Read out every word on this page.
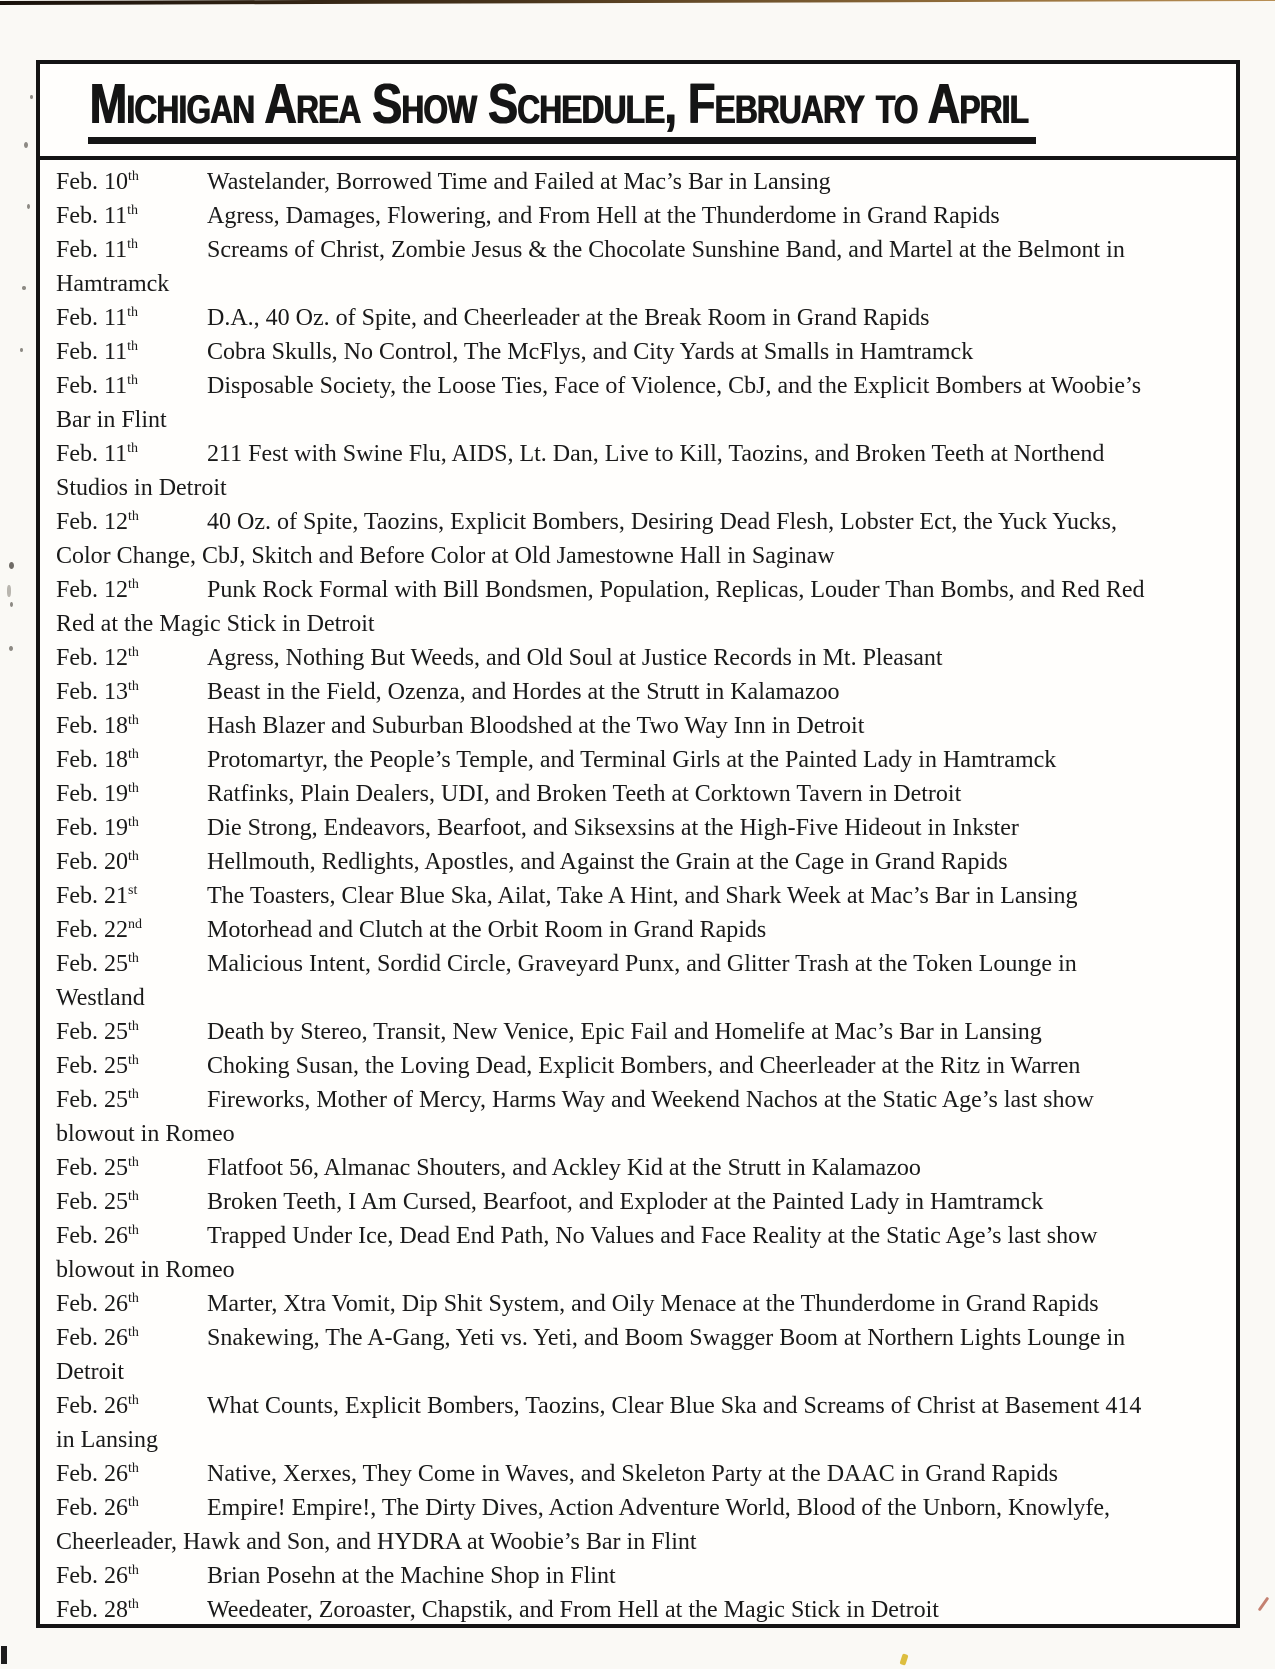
Michigan Area Show Schedule, February to April

Feb. 10th	Wastelander, Borrowed Time and Failed at Mac’s Bar in Lansing

Feb. 11th	Agress, Damages, Flowering, and From Hell at the Thunderdome in Grand Rapids

Feb. 11th	Screams of Christ, Zombie Jesus & the Chocolate Sunshine Band, and Martel at the Belmont in Hamtramck

Feb. 11th	D.A., 40 Oz. of Spite, and Cheerleader at the Break Room in Grand Rapids

Feb. 11th	Cobra Skulls, No Control, The McFlys, and City Yards at Smalls in Hamtramck

Feb. 11th	Disposable Society, the Loose Ties, Face of Violence, CbJ, and the Explicit Bombers at Woobie’s Bar in Flint

Feb. 11th	211 Fest with Swine Flu, AIDS, Lt. Dan, Live to Kill, Taozins, and Broken Teeth at Northend Studios in Detroit

Feb. 12th	40 Oz. of Spite, Taozins, Explicit Bombers, Desiring Dead Flesh, Lobster Ect, the Yuck Yucks, Color Change, CbJ, Skitch and Before Color at Old Jamestowne Hall in Saginaw

Feb. 12th	Punk Rock Formal with Bill Bondsmen, Population, Replicas, Louder Than Bombs, and Red Red Red at the Magic Stick in Detroit

Feb. 12th	Agress, Nothing But Weeds, and Old Soul at Justice Records in Mt. Pleasant

Feb. 13th	Beast in the Field, Ozenza, and Hordes at the Strutt in Kalamazoo

Feb. 18th	Hash Blazer and Suburban Bloodshed at the Two Way Inn in Detroit

Feb. 18th	Protomartyr, the People’s Temple, and Terminal Girls at the Painted Lady in Hamtramck

Feb. 19th	Ratfinks, Plain Dealers, UDI, and Broken Teeth at Corktown Tavern in Detroit

Feb. 19th	Die Strong, Endeavors, Bearfoot, and Siksexsins at the High-Five Hideout in Inkster

Feb. 20th	Hellmouth, Redlights, Apostles, and Against the Grain at the Cage in Grand Rapids

Feb. 21st	The Toasters, Clear Blue Ska, Ailat, Take A Hint, and Shark Week at Mac’s Bar in Lansing

Feb. 22nd	Motorhead and Clutch at the Orbit Room in Grand Rapids

Feb. 25th	Malicious Intent, Sordid Circle, Graveyard Punx, and Glitter Trash at the Token Lounge in Westland

Feb. 25th	Death by Stereo, Transit, New Venice, Epic Fail and Homelife at Mac’s Bar in Lansing

Feb. 25th	Choking Susan, the Loving Dead, Explicit Bombers, and Cheerleader at the Ritz in Warren

Feb. 25th	Fireworks, Mother of Mercy, Harms Way and Weekend Nachos at the Static Age’s last show blowout in Romeo

Feb. 25th	Flatfoot 56, Almanac Shouters, and Ackley Kid at the Strutt in Kalamazoo

Feb. 25th	Broken Teeth, I Am Cursed, Bearfoot, and Exploder at the Painted Lady in Hamtramck

Feb. 26th	Trapped Under Ice, Dead End Path, No Values and Face Reality at the Static Age’s last show blowout in Romeo

Feb. 26th	Marter, Xtra Vomit, Dip Shit System, and Oily Menace at the Thunderdome in Grand Rapids

Feb. 26th	Snakewing, The A-Gang, Yeti vs. Yeti, and Boom Swagger Boom at Northern Lights Lounge in Detroit

Feb. 26th	What Counts, Explicit Bombers, Taozins, Clear Blue Ska and Screams of Christ at Basement 414 in Lansing

Feb. 26th	Native, Xerxes, They Come in Waves, and Skeleton Party at the DAAC in Grand Rapids

Feb. 26th	Empire! Empire!, The Dirty Dives, Action Adventure World, Blood of the Unborn, Knowlyfe, Cheerleader, Hawk and Son, and HYDRA at Woobie’s Bar in Flint

Feb. 26th	Brian Posehn at the Machine Shop in Flint

Feb. 28th	Weedeater, Zoroaster, Chapstik, and From Hell at the Magic Stick in Detroit
